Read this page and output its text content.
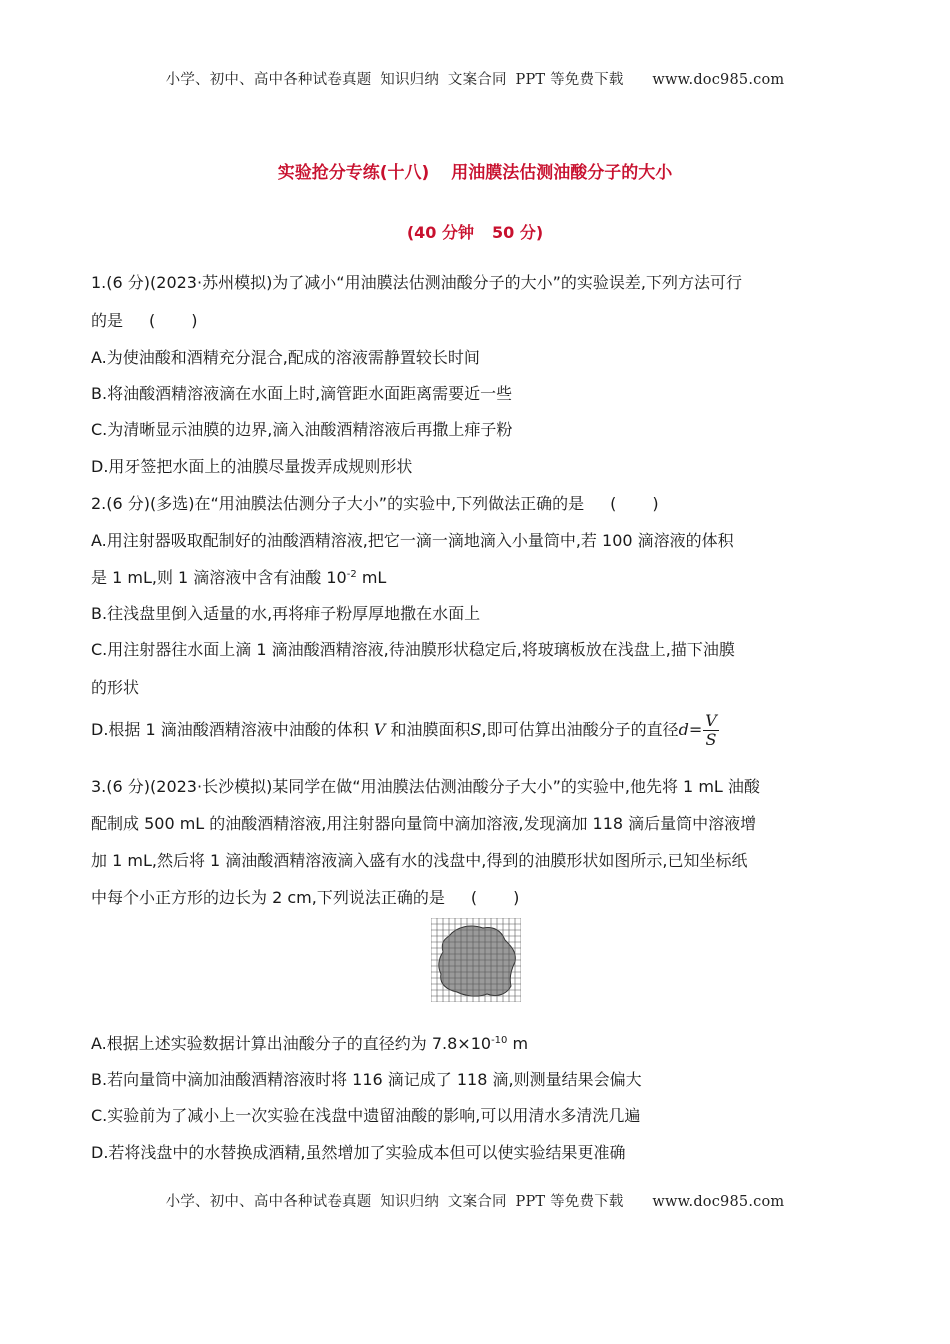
小学、初中、高中各种试卷真题 知识归纳 文案合同 PPT 等免费下载 www.doc985.com
实验抢分专练(十八) 用油膜法估测油酸分子的大小
(40 分钟 50 分)
1.(6 分)(2023·苏州模拟)为了减小“用油膜法估测油酸分子的大小”的实验误差,下列方法可行
的是 ( )
A.为使油酸和酒精充分混合,配成的溶液需静置较长时间
B.将油酸酒精溶液滴在水面上时,滴管距水面距离需要近一些
C.为清晰显示油膜的边界,滴入油酸酒精溶液后再撒上痱子粉
D.用牙签把水面上的油膜尽量拨弄成规则形状
2.(6 分)(多选)在“用油膜法估测分子大小”的实验中,下列做法正确的是 ( )
A.用注射器吸取配制好的油酸酒精溶液,把它一滴一滴地滴入小量筒中,若 100 滴溶液的体积
是 1 mL,则 1 滴溶液中含有油酸 $10^{-2}$ mL
B.往浅盘里倒入适量的水,再将痱子粉厚厚地撒在水面上
C.用注射器往水面上滴 1 滴油酸酒精溶液,待油膜形状稳定后,将玻璃板放在浅盘上,描下油膜
的形状
D.根据 1 滴油酸酒精溶液中油酸的体积 V 和油膜面积S,即可估算出油酸分子的直径$d= \frac{V}{S}$
3.(6 分)(2023·长沙模拟)某同学在做“用油膜法估测油酸分子大小”的实验中,他先将 1 mL 油酸
配制成 500 mL 的油酸酒精溶液,用注射器向量筒中滴加溶液,发现滴加 118 滴后量筒中溶液增
加 1 mL,然后将 1 滴油酸酒精溶液滴入盛有水的浅盘中,得到的油膜形状如图所示,已知坐标纸
中每个小正方形的边长为 2 cm,下列说法正确的是 ( )
A.根据上述实验数据计算出油酸分子的直径约为 $7.8\times 10^{-10}$ m
B.若向量筒中滴加油酸酒精溶液时将 116 滴记成了 118 滴,则测量结果会偏大
C.实验前为了减小上一次实验在浅盘中遗留油酸的影响,可以用清水多清洗几遍
D.若将浅盘中的水替换成酒精,虽然增加了实验成本但可以使实验结果更准确
小学、初中、高中各种试卷真题 知识归纳 文案合同 PPT 等免费下载 www.doc985.com
